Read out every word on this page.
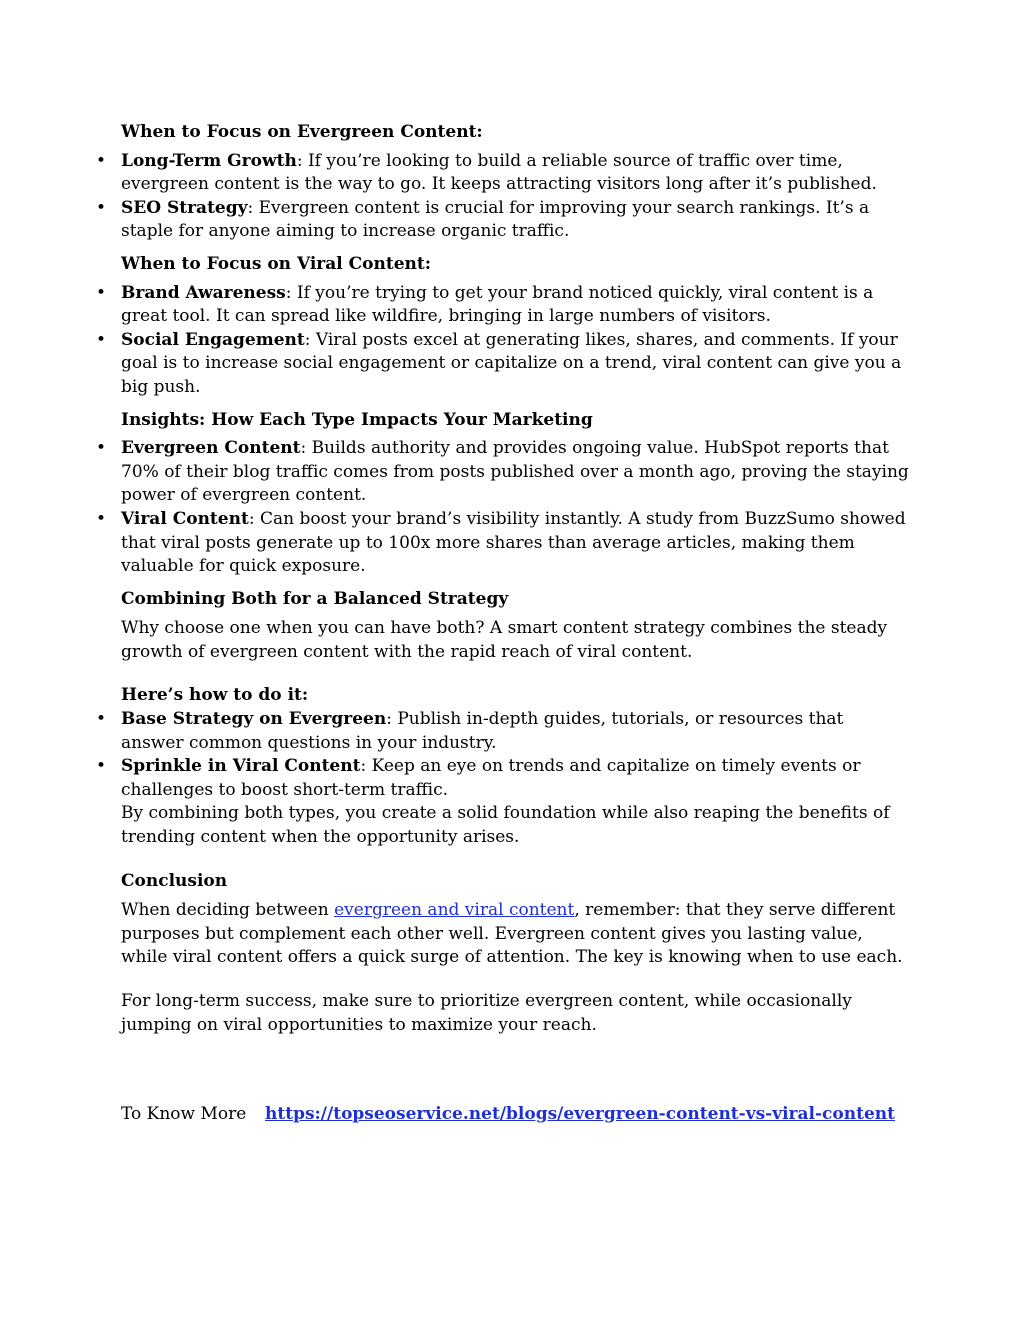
When to Focus on Evergreen Content:

• Long-Term Growth: If you’re looking to build a reliable source of traffic over time, evergreen content is the way to go. It keeps attracting visitors long after it’s published.
• SEO Strategy: Evergreen content is crucial for improving your search rankings. It’s a staple for anyone aiming to increase organic traffic.

When to Focus on Viral Content:

• Brand Awareness: If you’re trying to get your brand noticed quickly, viral content is a great tool. It can spread like wildfire, bringing in large numbers of visitors.
• Social Engagement: Viral posts excel at generating likes, shares, and comments. If your goal is to increase social engagement or capitalize on a trend, viral content can give you a big push.

Insights: How Each Type Impacts Your Marketing

• Evergreen Content: Builds authority and provides ongoing value. HubSpot reports that 70% of their blog traffic comes from posts published over a month ago, proving the staying power of evergreen content.
• Viral Content: Can boost your brand’s visibility instantly. A study from BuzzSumo showed that viral posts generate up to 100x more shares than average articles, making them valuable for quick exposure.

Combining Both for a Balanced Strategy

Why choose one when you can have both? A smart content strategy combines the steady growth of evergreen content with the rapid reach of viral content.

Here’s how to do it:

• Base Strategy on Evergreen: Publish in-depth guides, tutorials, or resources that answer common questions in your industry.
• Sprinkle in Viral Content: Keep an eye on trends and capitalize on timely events or challenges to boost short-term traffic.
By combining both types, you create a solid foundation while also reaping the benefits of trending content when the opportunity arises.

Conclusion

When deciding between evergreen and viral content, remember: that they serve different purposes but complement each other well. Evergreen content gives you lasting value, while viral content offers a quick surge of attention. The key is knowing when to use each.

For long-term success, make sure to prioritize evergreen content, while occasionally jumping on viral opportunities to maximize your reach.

To Know More https://topseoservice.net/blogs/evergreen-content-vs-viral-content
